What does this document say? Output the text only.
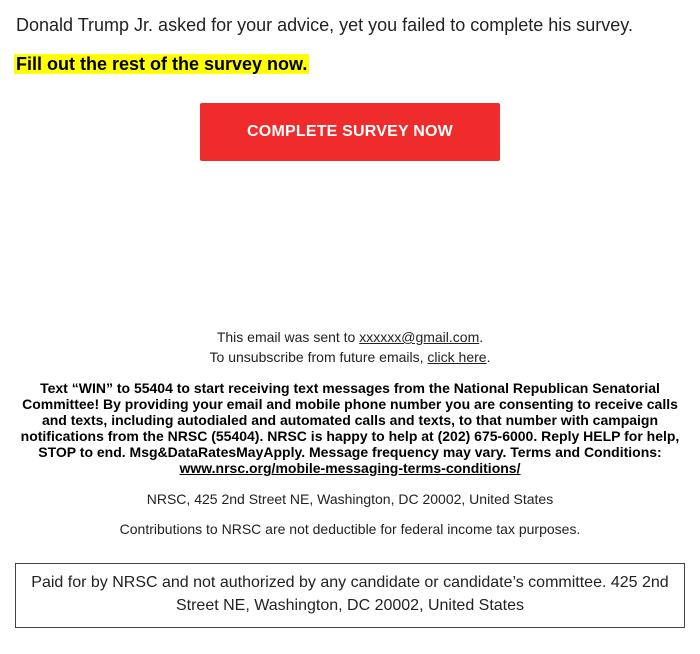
Donald Trump Jr. asked for your advice, yet you failed to complete his survey.

Fill out the rest of the survey now.

COMPLETE SURVEY NOW

This email was sent to xxxxxx@gmail.com.

To unsubscribe from future emails, click here.

Text “WIN” to 55404 to start receiving text messages from the National Republican Senatorial Committee! By providing your email and mobile phone number you are consenting to receive calls and texts, including autodialed and automated calls and texts, to that number with campaign notifications from the NRSC (55404). NRSC is happy to help at (202) 675-6000. Reply HELP for help, STOP to end. Msg&DataRatesMayApply. Message frequency may vary. Terms and Conditions:
www.nrsc.org/mobile-messaging-terms-conditions/
NRSC, 425 2nd Street NE, Washington, DC 20002, United States
Contributions to NRSC are not deductible for federal income tax purposes.
Paid for by NRSC and not authorized by any candidate or candidate’s committee. 425 2nd Street NE, Washington, DC 20002, United States
